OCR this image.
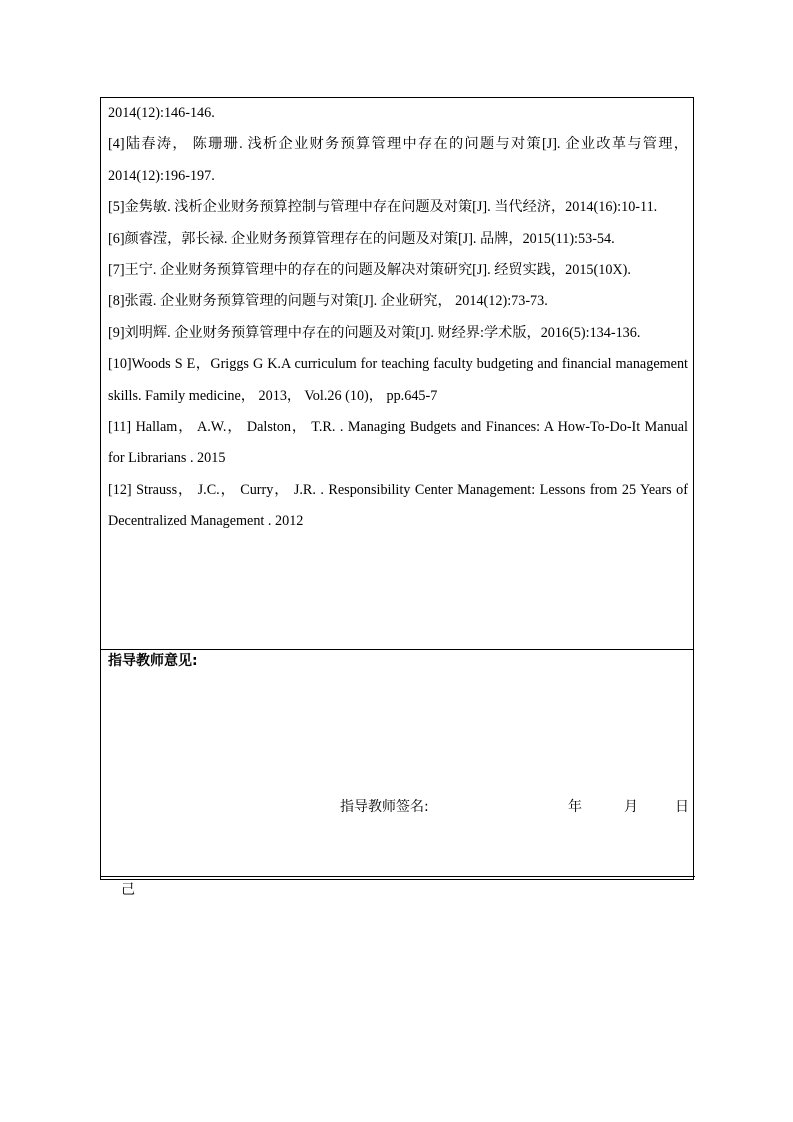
2014(12):146-146.

[4]陆春涛， 陈珊珊. 浅析企业财务预算管理中存在的问题与对策[J]. 企业改革与管理， 2014(12):196-197.

[5]金隽敏. 浅析企业财务预算控制与管理中存在问题及对策[J]. 当代经济，2014(16):10-11.

[6]颜睿滢，郭长禄. 企业财务预算管理存在的问题及对策[J]. 品牌，2015(11):53-54.

[7]王宁. 企业财务预算管理中的存在的问题及解决对策研究[J]. 经贸实践，2015(10X).

[8]张霞. 企业财务预算管理的问题与对策[J]. 企业研究， 2014(12):73-73.

[9]刘明辉. 企业财务预算管理中存在的问题及对策[J]. 财经界:学术版，2016(5):134-136.

[10]Woods S E，Griggs G K.A curriculum for teaching faculty budgeting and financial management skills. Family medicine， 2013， Vol.26 (10)， pp.645-7

[11] Hallam， A.W.， Dalston， T.R. . Managing Budgets and Finances: A How-To-Do-It Manual for Librarians . 2015

[12] Strauss， J.C.， Curry， J.R. . Responsibility Center Management: Lessons from 25 Years of Decentralized Management . 2012

指导教师意见:
指导教师签名:	年	月	日
己
